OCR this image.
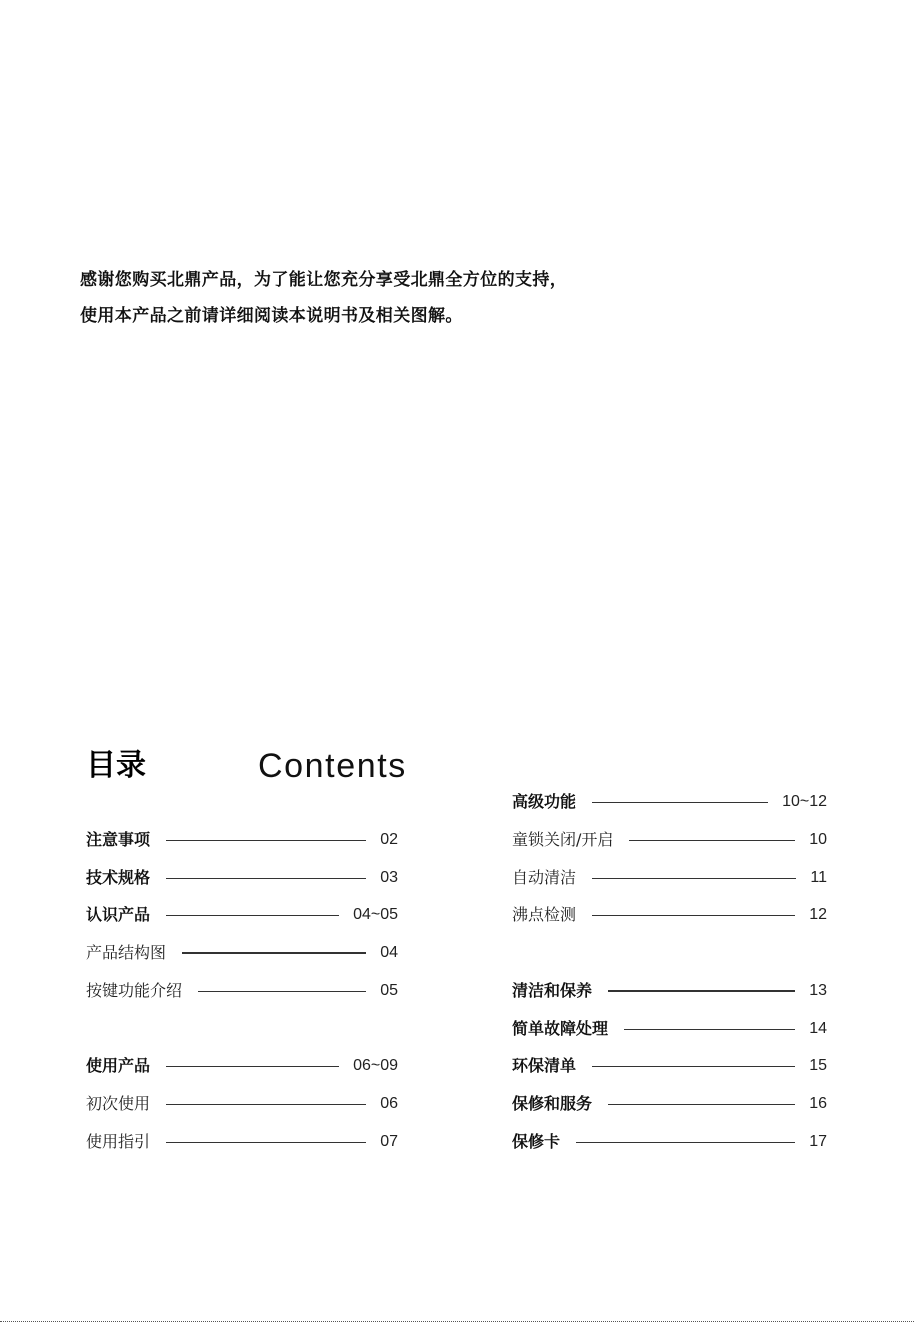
感谢您购买北鼎产品，为了能让您充分享受北鼎全方位的支持，
使用本产品之前请详细阅读本说明书及相关图解。
目录	Contents
注意事项	02
技术规格	03
认识产品	04~05
产品结构图	04
按键功能介绍	05
使用产品	06~09
初次使用	06
使用指引	07
高级功能	10~12
童锁关闭/开启	10
自动清洁	11
沸点检测	12
清洁和保养	13
简单故障处理	14
环保清单	15
保修和服务	16
保修卡	17
